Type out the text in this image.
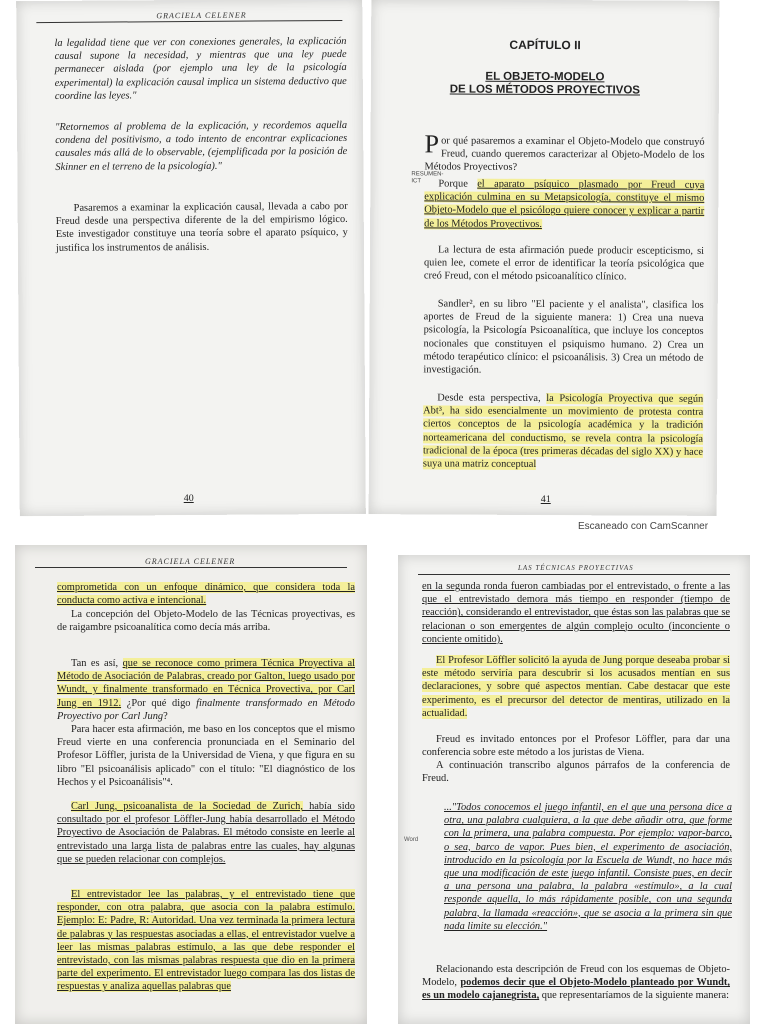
GRACIELA CELENER
la legalidad tiene que ver con conexiones generales, la explicación causal supone la necesidad, y mientras que una ley puede permanecer aislada (por ejemplo una ley de la psicología experimental) la explicación causal implica un sistema deductivo que coordine las leyes."
"Retornemos al problema de la explicación, y recordemos aquella condena del positivismo, a todo intento de encontrar explicaciones causales más allá de lo observable, (ejemplificada por la posición de Skinner en el terreno de la psicología)."
Pasaremos a examinar la explicación causal, llevada a cabo por Freud desde una perspectiva diferente de la del empirismo lógico. Este investigador constituye una teoría sobre el aparato psíquico, y justifica los instrumentos de análisis.
40
CAPÍTULO II
EL OBJETO-MODELO
DE LOS MÉTODOS PROYECTIVOS
RESUMEN-ICT
Por qué pasaremos a examinar el Objeto-Modelo que construyó Freud, cuando queremos caracterizar al Objeto-Modelo de los Métodos Proyectivos?
Porque el aparato psíquico plasmado por Freud cuya explicación culmina en su Metapsicología, constituye el mismo Objeto-Modelo que el psicólogo quiere conocer y explicar a partir de los Métodos Proyectivos.
La lectura de esta afirmación puede producir escepticismo, si quien lee, comete el error de identificar la teoría psicológica que creó Freud, con el método psicoanalítico clínico.
Sandler², en su libro "El paciente y el analista", clasifica los aportes de Freud de la siguiente manera: 1) Crea una nueva psicología, la Psicología Psicoanalítica, que incluye los conceptos nocionales que constituyen el psiquismo humano. 2) Crea un método terapéutico clínico: el psicoanálisis. 3) Crea un método de investigación.
Desde esta perspectiva, la Psicología Proyectiva que según Abt³, ha sido esencialmente un movimiento de protesta contra ciertos conceptos de la psicología académica y la tradición norteamericana del conductismo, se revela contra la psicología tradicional de la época (tres primeras décadas del siglo XX) y hace suya una matriz conceptual
41
Escaneado con CamScanner
GRACIELA CELENER
comprometida con un enfoque dinámico, que considera toda la conducta como activa e intencional.
La concepción del Objeto-Modelo de las Técnicas proyectivas, es de raigambre psicoanalítica como decía más arriba.
Tan es así, que se reconoce como primera Técnica Proyectiva al Método de Asociación de Palabras, creado por Galton, luego usado por Wundt, y finalmente transformado en Técnica Provectiva, por Carl Jung en 1912. ¿Por qué digo finalmente transformado en Método Proyectivo por Carl Jung?
Para hacer esta afirmación, me baso en los conceptos que el mismo Freud vierte en una conferencia pronunciada en el Seminario del Profesor Löffler, jurista de la Universidad de Viena, y que figura en su libro "El psicoanálisis aplicado" con el título: "El diagnóstico de los Hechos y el Psicoanálisis"⁴.
Carl Jung, psicoanalista de la Sociedad de Zurich, había sido consultado por el profesor Löffler-Jung había desarrollado el Método Proyectivo de Asociación de Palabras. El método consiste en leerle al entrevistado una larga lista de palabras entre las cuales, hay algunas que se pueden relacionar con complejos.
El entrevistador lee las palabras, y el entrevistado tiene que responder, con otra palabra, que asocia con la palabra estímulo. Ejemplo: E: Padre, R: Autoridad. Una vez terminada la primera lectura de palabras y las respuestas asociadas a ellas, el entrevistador vuelve a leer las mismas palabras estímulo, a las que debe responder el entrevistado, con las mismas palabras respuesta que dio en la primera parte del experimento. El entrevistador luego compara las dos listas de respuestas y analiza aquellas palabras que
LAS TÉCNICAS PROYECTIVAS
en la segunda ronda fueron cambiadas por el entrevistado, o frente a las que el entrevistado demora más tiempo en responder (tiempo de reacción), considerando el entrevistador, que éstas son las palabras que se relacionan o son emergentes de algún complejo oculto (inconciente o conciente omitido).
El Profesor Löffler solicitó la ayuda de Jung porque deseaba probar si este método serviría para descubrir si los acusados mentían en sus declaraciones, y sobre qué aspectos mentían. Cabe destacar que este experimento, es el precursor del detector de mentiras, utilizado en la actualidad.
Freud es invitado entonces por el Profesor Löffler, para dar una conferencia sobre este método a los juristas de Viena.
A continuación transcribo algunos párrafos de la conferencia de Freud.
Word
..."Todos conocemos el juego infantil, en el que una persona dice a otra, una palabra cualquiera, a la que debe añadir otra, que forme con la primera, una palabra compuesta. Por ejemplo: vapor-barco, o sea, barco de vapor. Pues bien, el experimento de asociación, introducido en la psicología por la Escuela de Wundt, no hace más que una modificación de este juego infantil. Consiste pues, en decir a una persona una palabra, la palabra «estímulo», a la cual responde aquella, lo más rápidamente posible, con una segunda palabra, la llamada «reacción», que se asocia a la primera sin que nada limite su elección."
Relacionando esta descripción de Freud con los esquemas de Objeto-Modelo, podemos decir que el Objeto-Modelo planteado por Wundt, es un modelo cajanegrista, que representaríamos de la siguiente manera:
